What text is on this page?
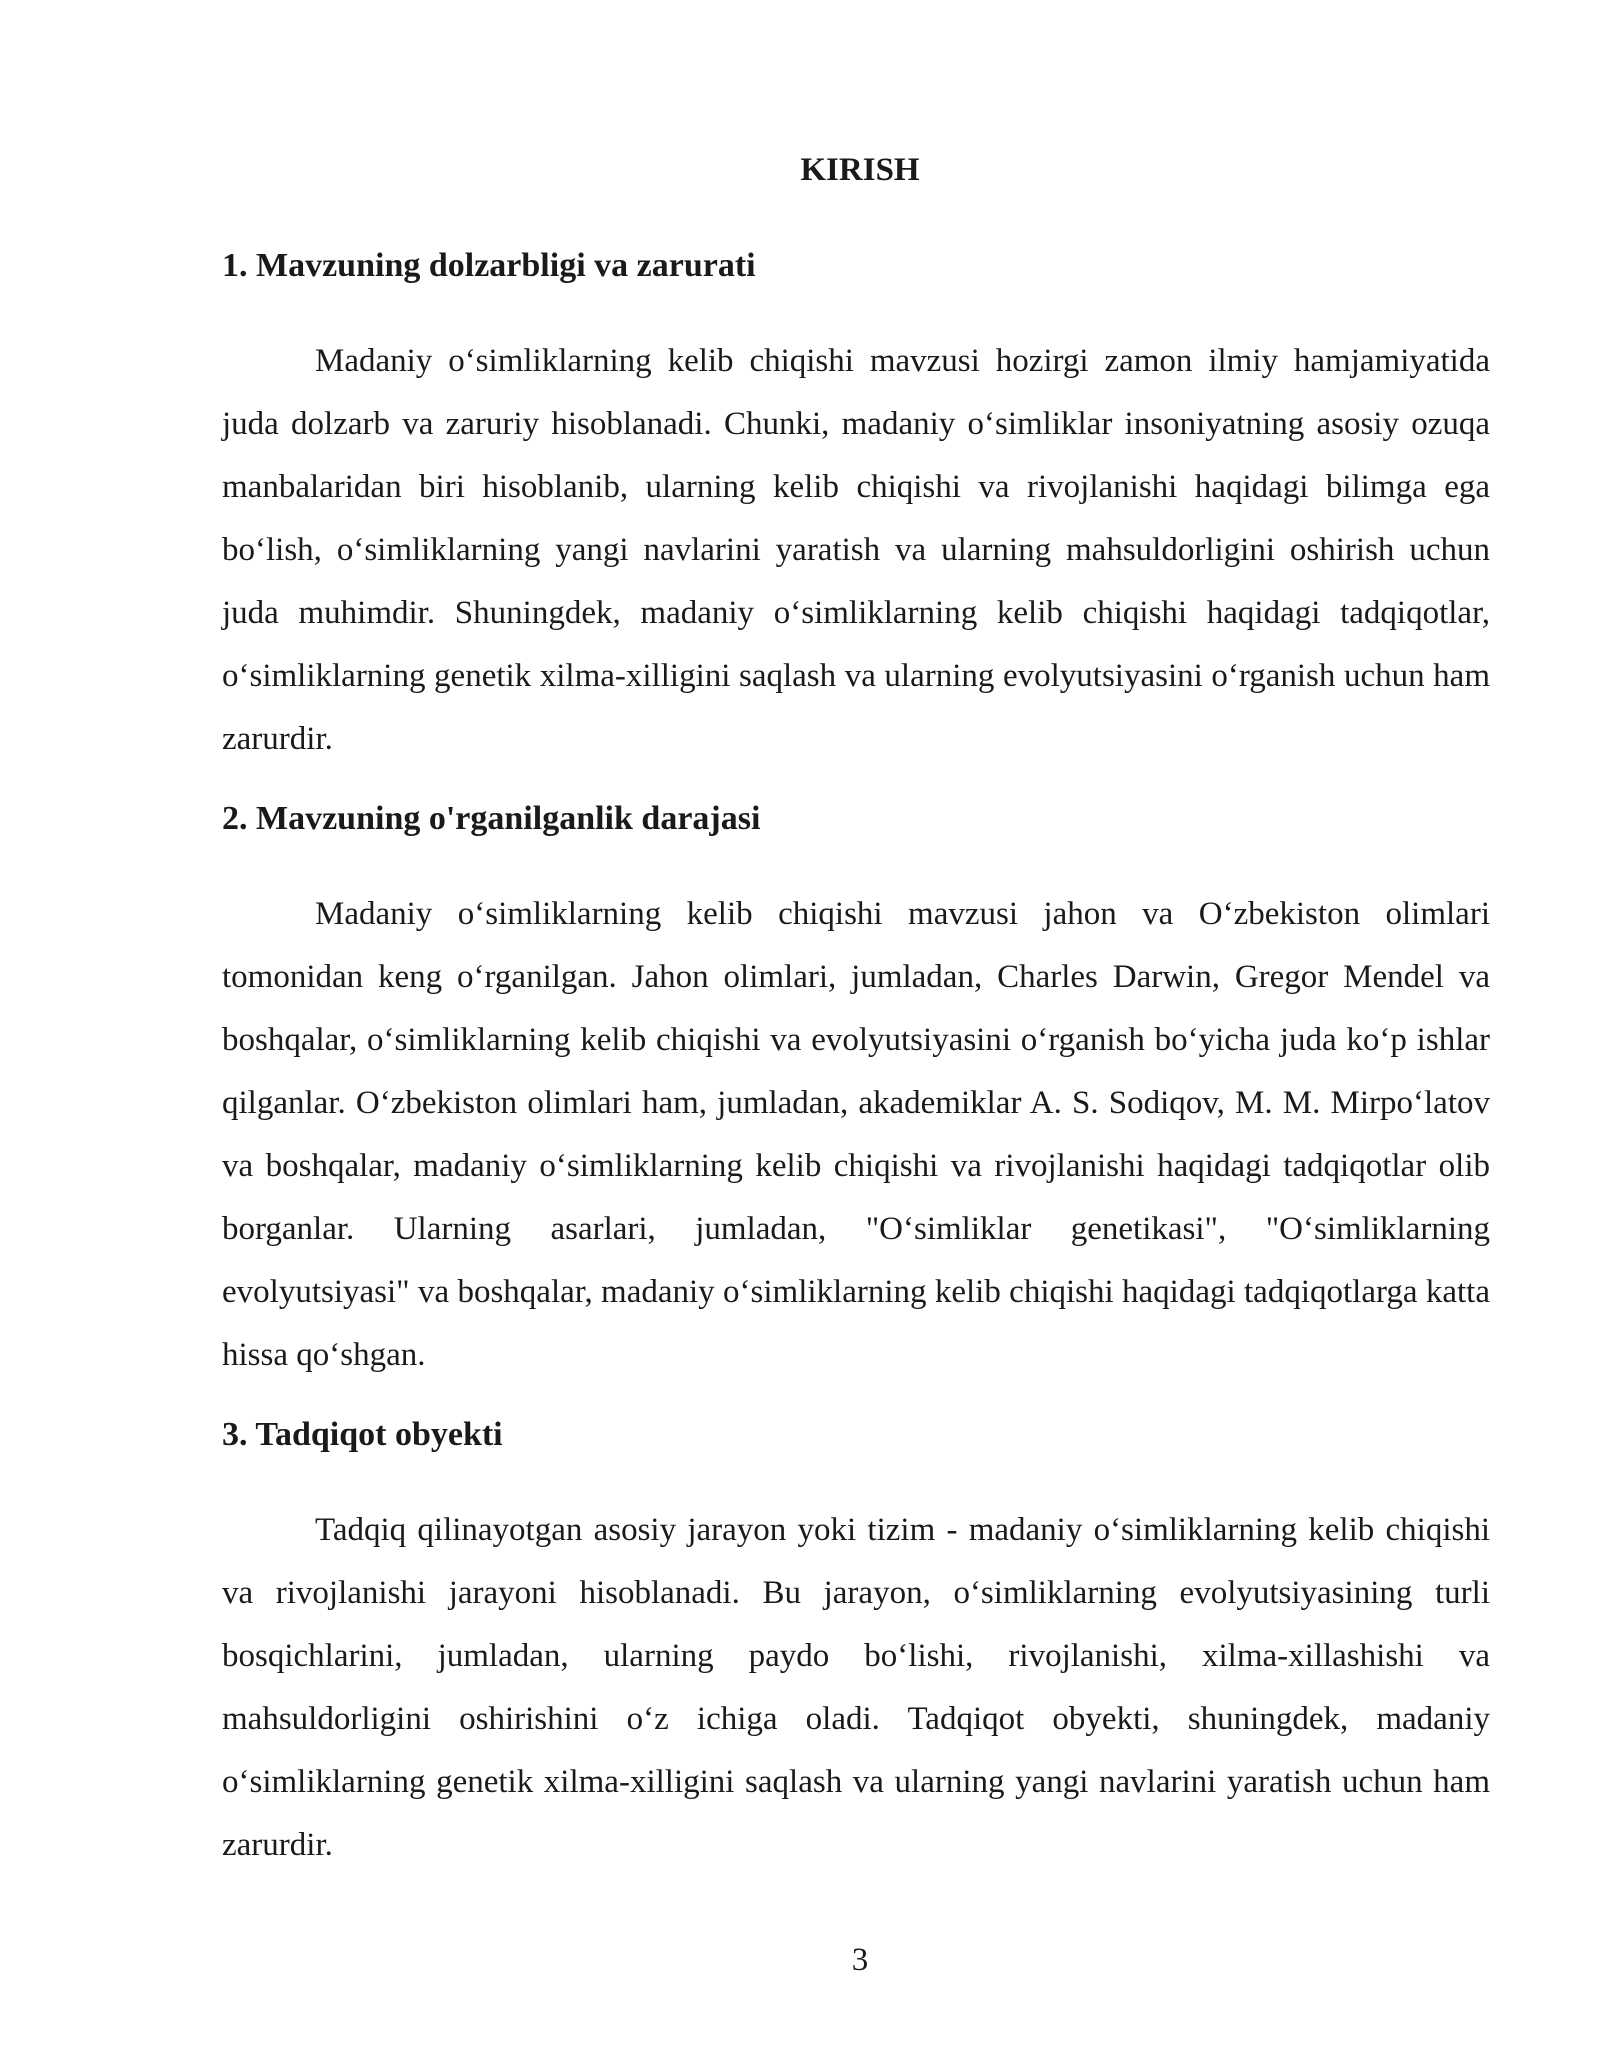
KIRISH
1. Mavzuning dolzarbligi va zarurati

Madaniy o‘simliklarning kelib chiqishi mavzusi hozirgi zamon ilmiy hamjamiyatida juda dolzarb va zaruriy hisoblanadi. Chunki, madaniy o‘simliklar insoniyatning asosiy ozuqa manbalaridan biri hisoblanib, ularning kelib chiqishi va rivojlanishi haqidagi bilimga ega bo‘lish, o‘simliklarning yangi navlarini yaratish va ularning mahsuldorligini oshirish uchun juda muhimdir. Shuningdek, madaniy o‘simliklarning kelib chiqishi haqidagi tadqiqotlar, o‘simliklarning genetik xilma-xilligini saqlash va ularning evolyutsiyasini o‘rganish uchun ham zarurdir.

2. Mavzuning o'rganilganlik darajasi

Madaniy o‘simliklarning kelib chiqishi mavzusi jahon va O‘zbekiston olimlari tomonidan keng o‘rganilgan. Jahon olimlari, jumladan, Charles Darwin, Gregor Mendel va boshqalar, o‘simliklarning kelib chiqishi va evolyutsiyasini o‘rganish bo‘yicha juda ko‘p ishlar qilganlar. O‘zbekiston olimlari ham, jumladan, akademiklar A. S. Sodiqov, M. M. Mirpo‘latov va boshqalar, madaniy o‘simliklarning kelib chiqishi va rivojlanishi haqidagi tadqiqotlar olib borganlar. Ularning asarlari, jumladan, "O‘simliklar genetikasi", "O‘simliklarning evolyutsiyasi" va boshqalar, madaniy o‘simliklarning kelib chiqishi haqidagi tadqiqotlarga katta hissa qo‘shgan.

3. Tadqiqot obyekti

Tadqiq qilinayotgan asosiy jarayon yoki tizim - madaniy o‘simliklarning kelib chiqishi va rivojlanishi jarayoni hisoblanadi. Bu jarayon, o‘simliklarning evolyutsiyasining turli bosqichlarini, jumladan, ularning paydo bo‘lishi, rivojlanishi, xilma-xillashishi va mahsuldorligini oshirishini o‘z ichiga oladi. Tadqiqot obyekti, shuningdek, madaniy o‘simliklarning genetik xilma-xilligini saqlash va ularning yangi navlarini yaratish uchun ham zarurdir.

3
